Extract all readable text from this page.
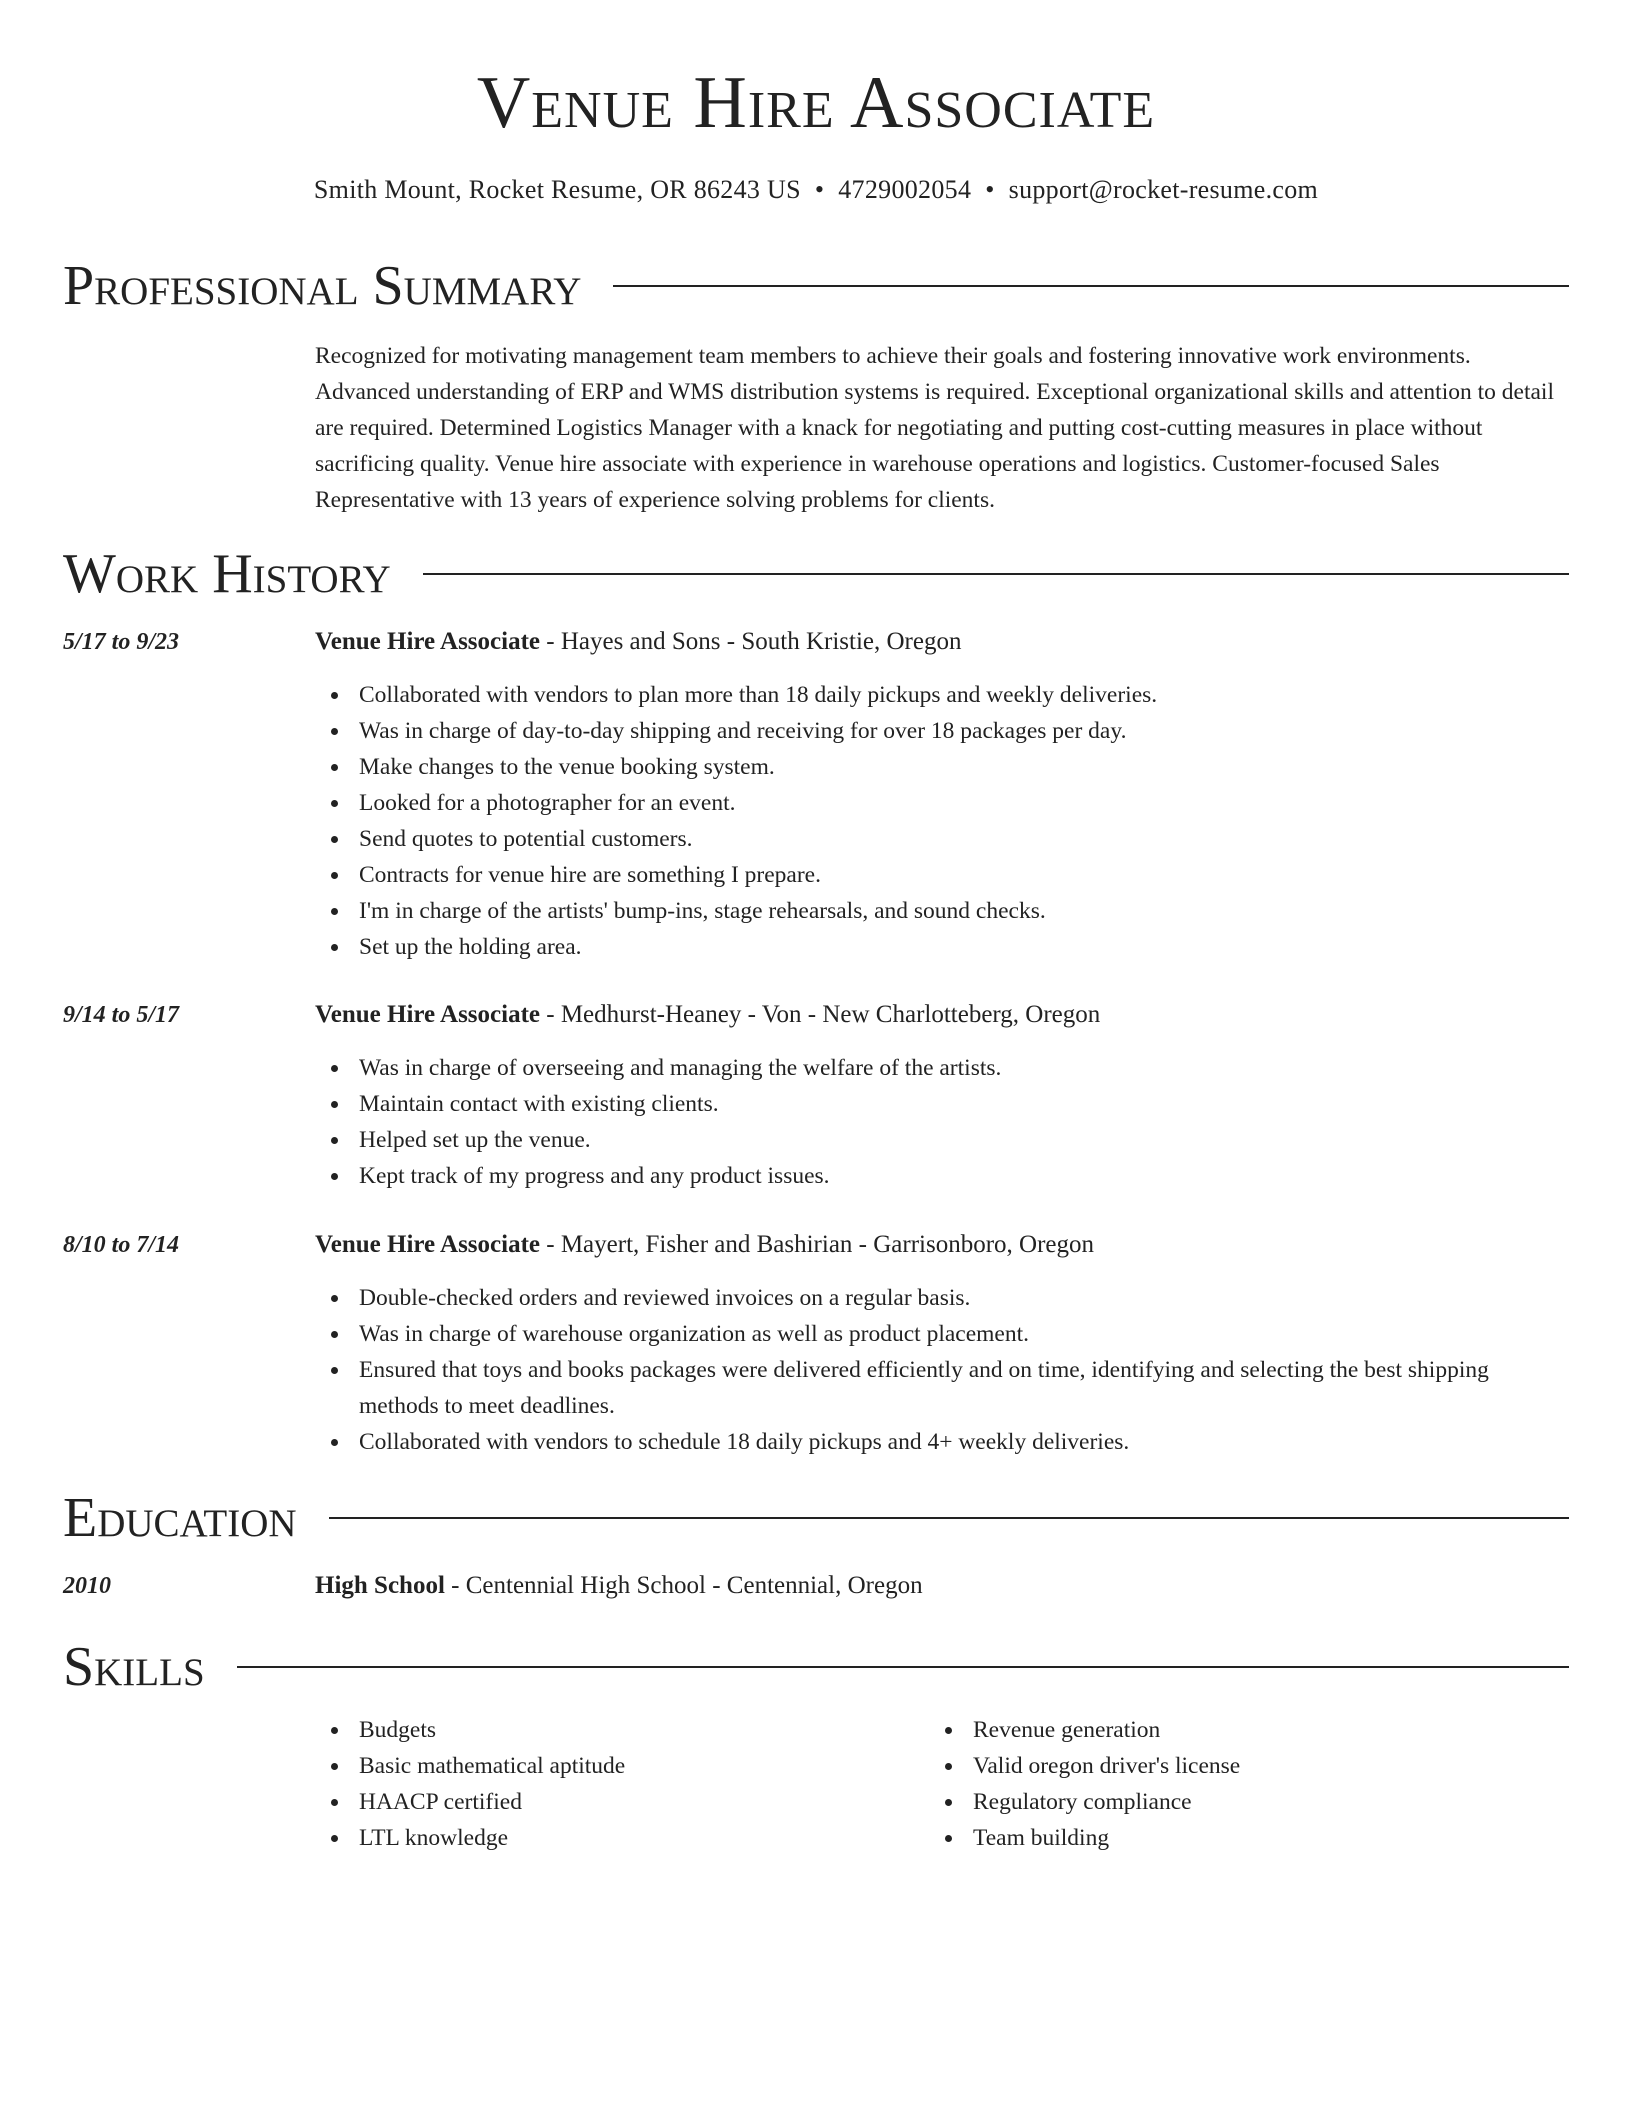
Venue Hire Associate
Smith Mount, Rocket Resume, OR 86243 US • 4729002054 • support@rocket-resume.com
Professional Summary
Recognized for motivating management team members to achieve their goals and fostering innovative work environments. Advanced understanding of ERP and WMS distribution systems is required. Exceptional organizational skills and attention to detail are required. Determined Logistics Manager with a knack for negotiating and putting cost-cutting measures in place without sacrificing quality. Venue hire associate with experience in warehouse operations and logistics. Customer-focused Sales Representative with 13 years of experience solving problems for clients.
Work History
5/17 to 9/23	Venue Hire Associate - Hayes and Sons - South Kristie, Oregon
Collaborated with vendors to plan more than 18 daily pickups and weekly deliveries.
Was in charge of day-to-day shipping and receiving for over 18 packages per day.
Make changes to the venue booking system.
Looked for a photographer for an event.
Send quotes to potential customers.
Contracts for venue hire are something I prepare.
I'm in charge of the artists' bump-ins, stage rehearsals, and sound checks.
Set up the holding area.
9/14 to 5/17	Venue Hire Associate - Medhurst-Heaney - Von - New Charlotteberg, Oregon
Was in charge of overseeing and managing the welfare of the artists.
Maintain contact with existing clients.
Helped set up the venue.
Kept track of my progress and any product issues.
8/10 to 7/14	Venue Hire Associate - Mayert, Fisher and Bashirian - Garrisonboro, Oregon
Double-checked orders and reviewed invoices on a regular basis.
Was in charge of warehouse organization as well as product placement.
Ensured that toys and books packages were delivered efficiently and on time, identifying and selecting the best shipping methods to meet deadlines.
Collaborated with vendors to schedule 18 daily pickups and 4+ weekly deliveries.
Education
2010	High School - Centennial High School - Centennial, Oregon
Skills
Budgets
Basic mathematical aptitude
HAACP certified
LTL knowledge
Revenue generation
Valid oregon driver's license
Regulatory compliance
Team building
